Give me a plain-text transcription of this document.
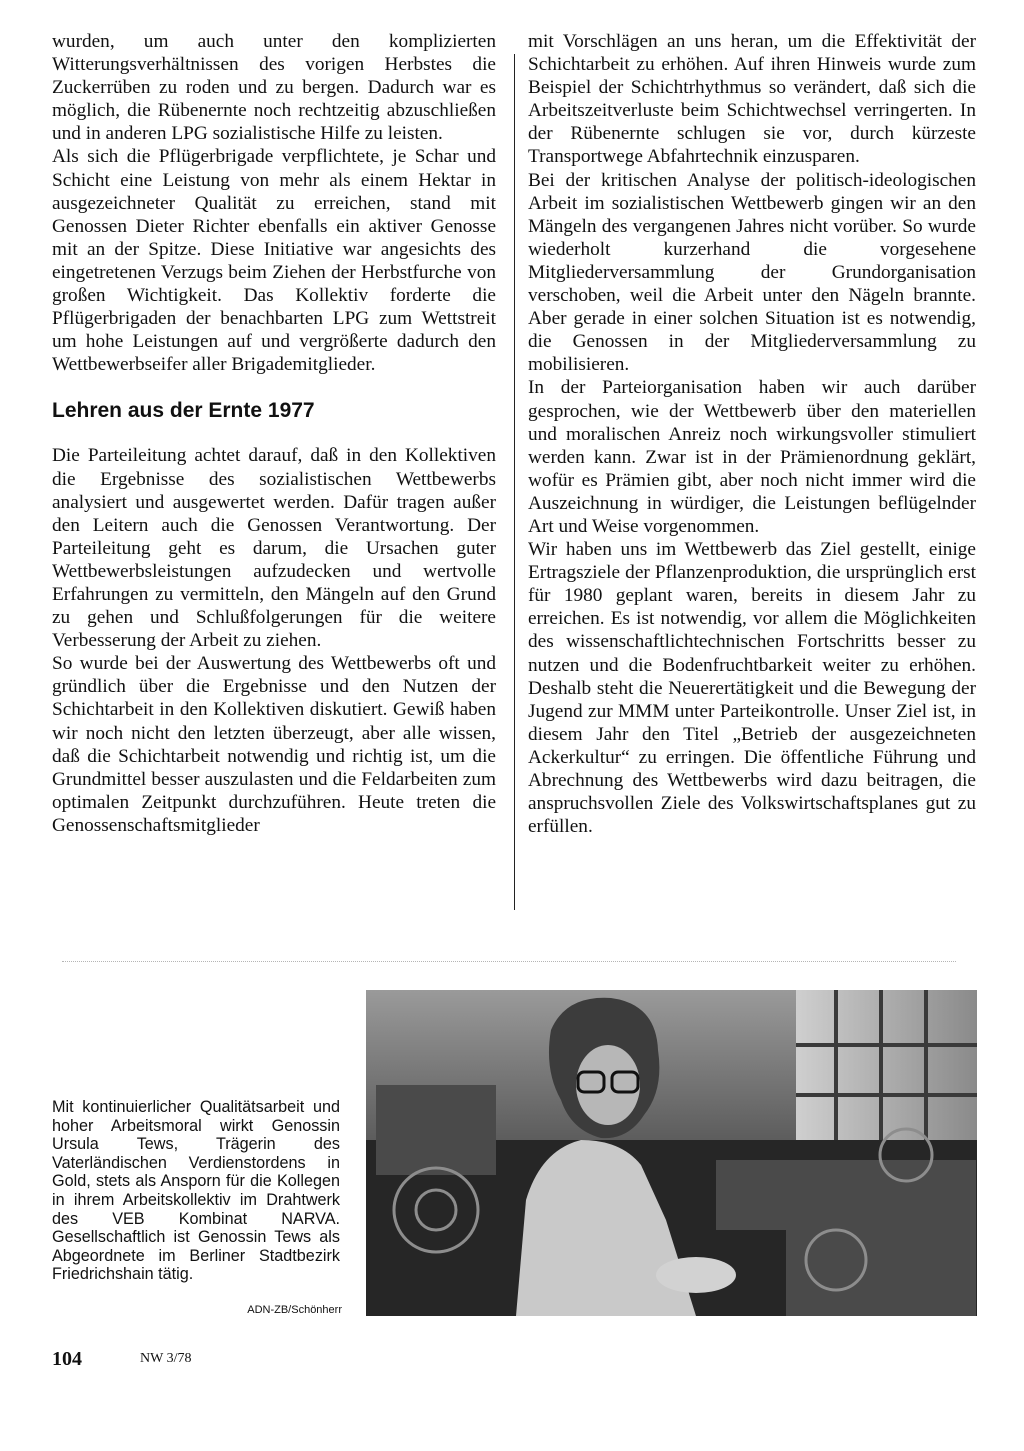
wurden, um auch unter den komplizierten Witterungsverhältnissen des vorigen Herbstes die Zuckerrüben zu roden und zu bergen. Dadurch war es möglich, die Rübenernte noch rechtzeitig abzuschließen und in anderen LPG sozialistische Hilfe zu leisten.

Als sich die Pflügerbrigade verpflichtete, je Schar und Schicht eine Leistung von mehr als einem Hektar in ausgezeichneter Qualität zu erreichen, stand mit Genossen Dieter Richter ebenfalls ein aktiver Genosse mit an der Spitze. Diese Initiative war angesichts des eingetretenen Verzugs beim Ziehen der Herbstfurche von großen Wichtigkeit. Das Kollektiv forderte die Pflügerbrigaden der benachbarten LPG zum Wettstreit um hohe Leistungen auf und vergrößerte dadurch den Wettbewerbseifer aller Brigademitglieder.

Lehren aus der Ernte 1977

Die Parteileitung achtet darauf, daß in den Kollektiven die Ergebnisse des sozialistischen Wettbewerbs analysiert und ausgewertet werden. Dafür tragen außer den Leitern auch die Genossen Verantwortung. Der Parteileitung geht es darum, die Ursachen guter Wettbewerbsleistungen aufzudecken und wertvolle Erfahrungen zu vermitteln, den Mängeln auf den Grund zu gehen und Schlußfolgerungen für die weitere Verbesserung der Arbeit zu ziehen.

So wurde bei der Auswertung des Wettbewerbs oft und gründlich über die Ergebnisse und den Nutzen der Schichtarbeit in den Kollektiven diskutiert. Gewiß haben wir noch nicht den letzten überzeugt, aber alle wissen, daß die Schichtarbeit notwendig und richtig ist, um die Grundmittel besser auszulasten und die Feldarbeiten zum optimalen Zeitpunkt durchzuführen. Heute treten die Genossenschaftsmitglieder

mit Vorschlägen an uns heran, um die Effektivität der Schichtarbeit zu erhöhen. Auf ihren Hinweis wurde zum Beispiel der Schichtrhythmus so verändert, daß sich die Arbeitszeitverluste beim Schichtwechsel verringerten. In der Rübenernte schlugen sie vor, durch kürzeste Transportwege Abfahrtechnik einzusparen.

Bei der kritischen Analyse der politisch-ideologischen Arbeit im sozialistischen Wettbewerb gingen wir an den Mängeln des vergangenen Jahres nicht vorüber. So wurde wiederholt kurzerhand die vorgesehene Mitgliederversammlung der Grundorganisation verschoben, weil die Arbeit unter den Nägeln brannte. Aber gerade in einer solchen Situation ist es notwendig, die Genossen in der Mitgliederversammlung zu mobilisieren.

In der Parteiorganisation haben wir auch darüber gesprochen, wie der Wettbewerb über den materiellen und moralischen Anreiz noch wirkungsvoller stimuliert werden kann. Zwar ist in der Prämienordnung geklärt, wofür es Prämien gibt, aber noch nicht immer wird die Auszeichnung in würdiger, die Leistungen beflügelnder Art und Weise vorgenommen.

Wir haben uns im Wettbewerb das Ziel gestellt, einige Ertragsziele der Pflanzenproduktion, die ursprünglich erst für 1980 geplant waren, bereits in diesem Jahr zu erreichen. Es ist notwendig, vor allem die Möglichkeiten des wissenschaftlichtechnischen Fortschritts besser zu nutzen und die Bodenfruchtbarkeit weiter zu erhöhen. Deshalb steht die Neuerertätigkeit und die Bewegung der Jugend zur MMM unter Parteikontrolle. Unser Ziel ist, in diesem Jahr den Titel „Betrieb der ausgezeichneten Ackerkultur“ zu erringen. Die öffentliche Führung und Abrechnung des Wettbewerbs wird dazu beitragen, die anspruchsvollen Ziele des Volkswirtschaftsplanes gut zu erfüllen.

Mit kontinuierlicher Qualitätsarbeit und hoher Arbeitsmoral wirkt Genossin Ursula Tews, Trägerin des Vaterländischen Verdienstordens in Gold, stets als Ansporn für die Kollegen in ihrem Arbeitskollektiv im Drahtwerk des VEB Kombinat NARVA. Gesellschaftlich ist Genossin Tews als Abgeordnete im Berliner Stadtbezirk Friedrichshain tätig.
ADN-ZB/Schönherr
104	NW 3/78
